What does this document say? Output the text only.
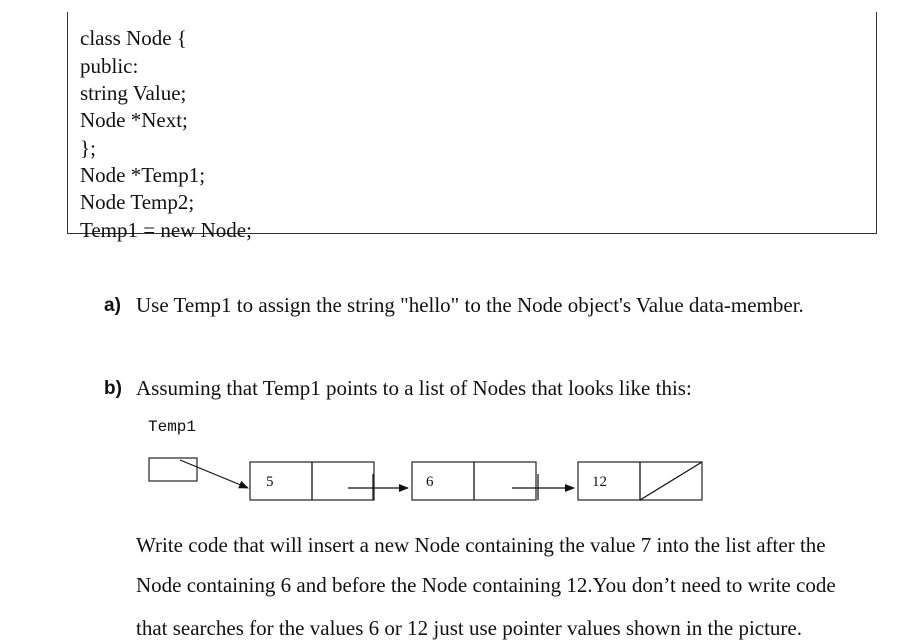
class Node {
public:
string Value;
Node *Next;
};
Node *Temp1;
Node Temp2;
Temp1 = new Node;
a) Use Temp1 to assign the string "hello" to the Node object's Value data-member.
b) Assuming that Temp1 points to a list of Nodes that looks like this:
Temp1
5	6	12
Write code that will insert a new Node containing the value 7 into the list after the
Node containing 6 and before the Node containing 12.You don’t need to write code
that searches for the values 6 or 12 just use pointer values shown in the picture.
